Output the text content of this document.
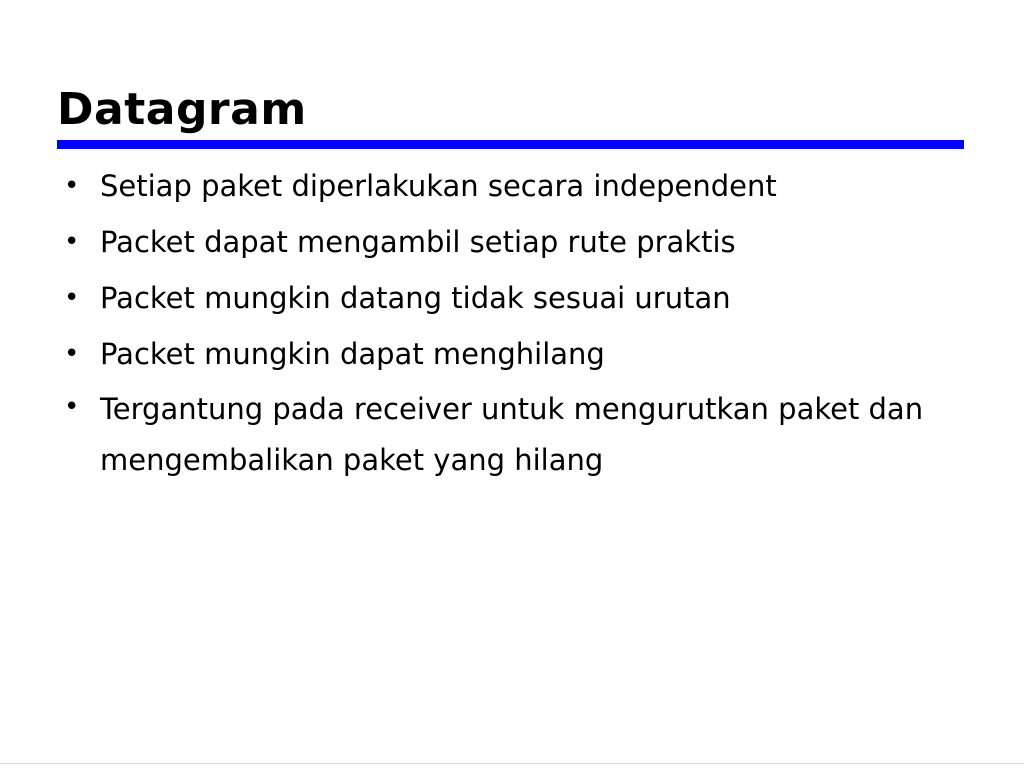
Datagram
• Setiap paket diperlakukan secara independent
• Packet dapat mengambil setiap rute praktis
• Packet mungkin datang tidak sesuai urutan
• Packet mungkin dapat menghilang
• Tergantung pada receiver untuk mengurutkan paket dan mengembalikan paket yang hilang
